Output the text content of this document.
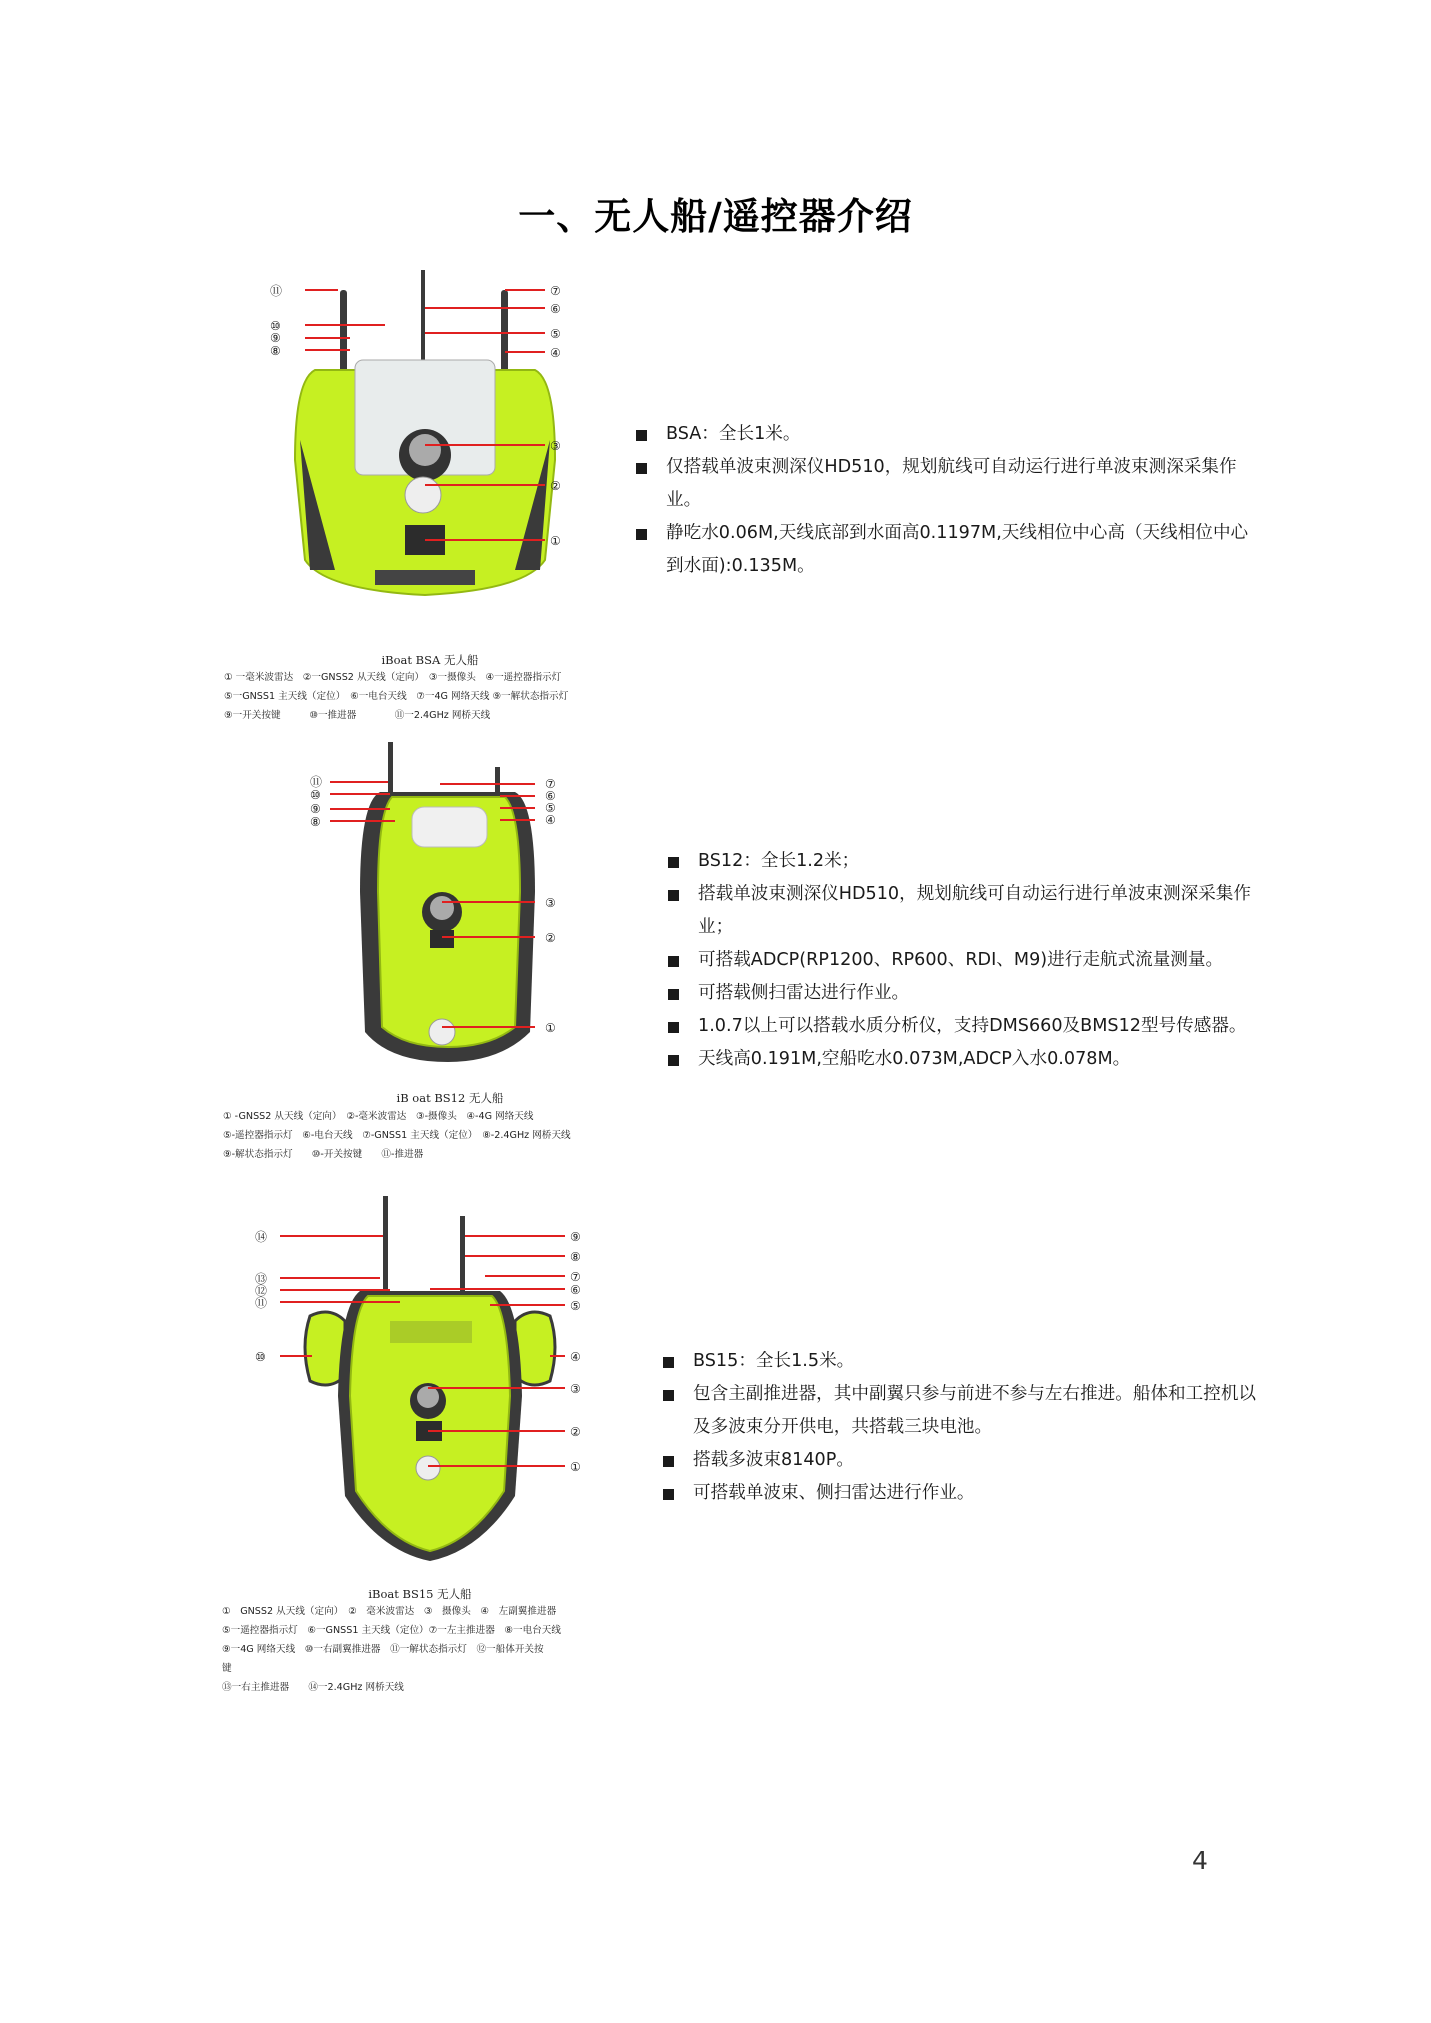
一、无人船/遥控器介绍
⑪
⑩
⑨
⑧
⑦
⑥
⑤
④
③
②
①
iBoat BSA 无人船
① 一毫米波雷达　②一GNSS2 从天线（定向）　③一摄像头　④一遥控器指示灯
⑤一GNSS1 主天线（定位）　⑥一电台天线　⑦一4G 网络天线 ⑨一解状态指示灯
⑨一开关按键　　　⑩一推进器　　　　⑪一2.4GHz 网桥天线
BSA：全长1米。
仅搭载单波束测深仪HD510，规划航线可自动运行进行单波束测深采集作业。
静吃水0.06M,天线底部到水面高0.1197M,天线相位中心高（天线相位中心到水面):0.135M。
⑪
⑩
⑨
⑧
⑦
⑥
⑤
④
③
②
①
iB oat BS12 无人船
① -GNSS2 从天线（定向）　②-毫米波雷达　③-摄像头　④-4G 网络天线
⑤-遥控器指示灯　⑥-电台天线　⑦-GNSS1 主天线（定位）　⑧-2.4GHz 网桥天线
⑨-解状态指示灯　　⑩-开关按键　　⑪-推进器
BS12：全长1.2米；
搭载单波束测深仪HD510，规划航线可自动运行进行单波束测深采集作业；
可搭载ADCP(RP1200、RP600、RDI、M9)进行走航式流量测量。
可搭载侧扫雷达进行作业。
1.0.7以上可以搭载水质分析仪，支持DMS660及BMS12型号传感器。
天线高0.191M,空船吃水0.073M,ADCP入水0.078M。
⑭
⑬
⑫
⑪
⑩
⑨
⑧
⑦
⑥
⑤
④
③
②
①
iBoat BS15 无人船
①　GNSS2 从天线（定向）　②　毫米波雷达　③　摄像头　④　左副翼推进器
⑤一遥控器指示灯　⑥一GNSS1 主天线（定位）⑦一左主推进器　⑧一电台天线
⑨一4G 网络天线　⑩一右副翼推进器　⑪一解状态指示灯　⑫一船体开关按
键
⑬一右主推进器　　⑭一2.4GHz 网桥天线
BS15：全长1.5米。
包含主副推进器，其中副翼只参与前进不参与左右推进。船体和工控机以及多波束分开供电，共搭载三块电池。
搭载多波束8140P。
可搭载单波束、侧扫雷达进行作业。
4
